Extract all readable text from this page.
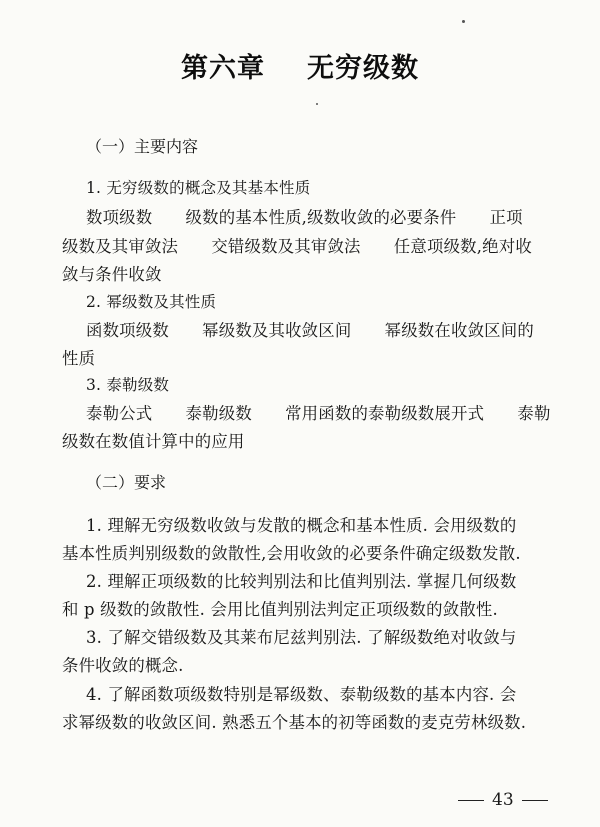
第六章 无穷级数
（一）主要内容
1. 无穷级数的概念及其基本性质
数项级数　　级数的基本性质,级数收敛的必要条件　　正项
级数及其审敛法　　交错级数及其审敛法　　任意项级数,绝对收
敛与条件收敛
2. 幂级数及其性质
函数项级数　　幂级数及其收敛区间　　幂级数在收敛区间的
性质
3. 泰勒级数
泰勒公式　　泰勒级数　　常用函数的泰勒级数展开式　　泰勒
级数在数值计算中的应用
（二）要求
1. 理解无穷级数收敛与发散的概念和基本性质. 会用级数的
基本性质判别级数的敛散性,会用收敛的必要条件确定级数发散.
2. 理解正项级数的比较判别法和比值判别法. 掌握几何级数
和 p 级数的敛散性. 会用比值判别法判定正项级数的敛散性.
3. 了解交错级数及其莱布尼兹判别法. 了解级数绝对收敛与
条件收敛的概念.
4. 了解函数项级数特别是幂级数、泰勒级数的基本内容. 会
求幂级数的收敛区间. 熟悉五个基本的初等函数的麦克劳林级数.
43
